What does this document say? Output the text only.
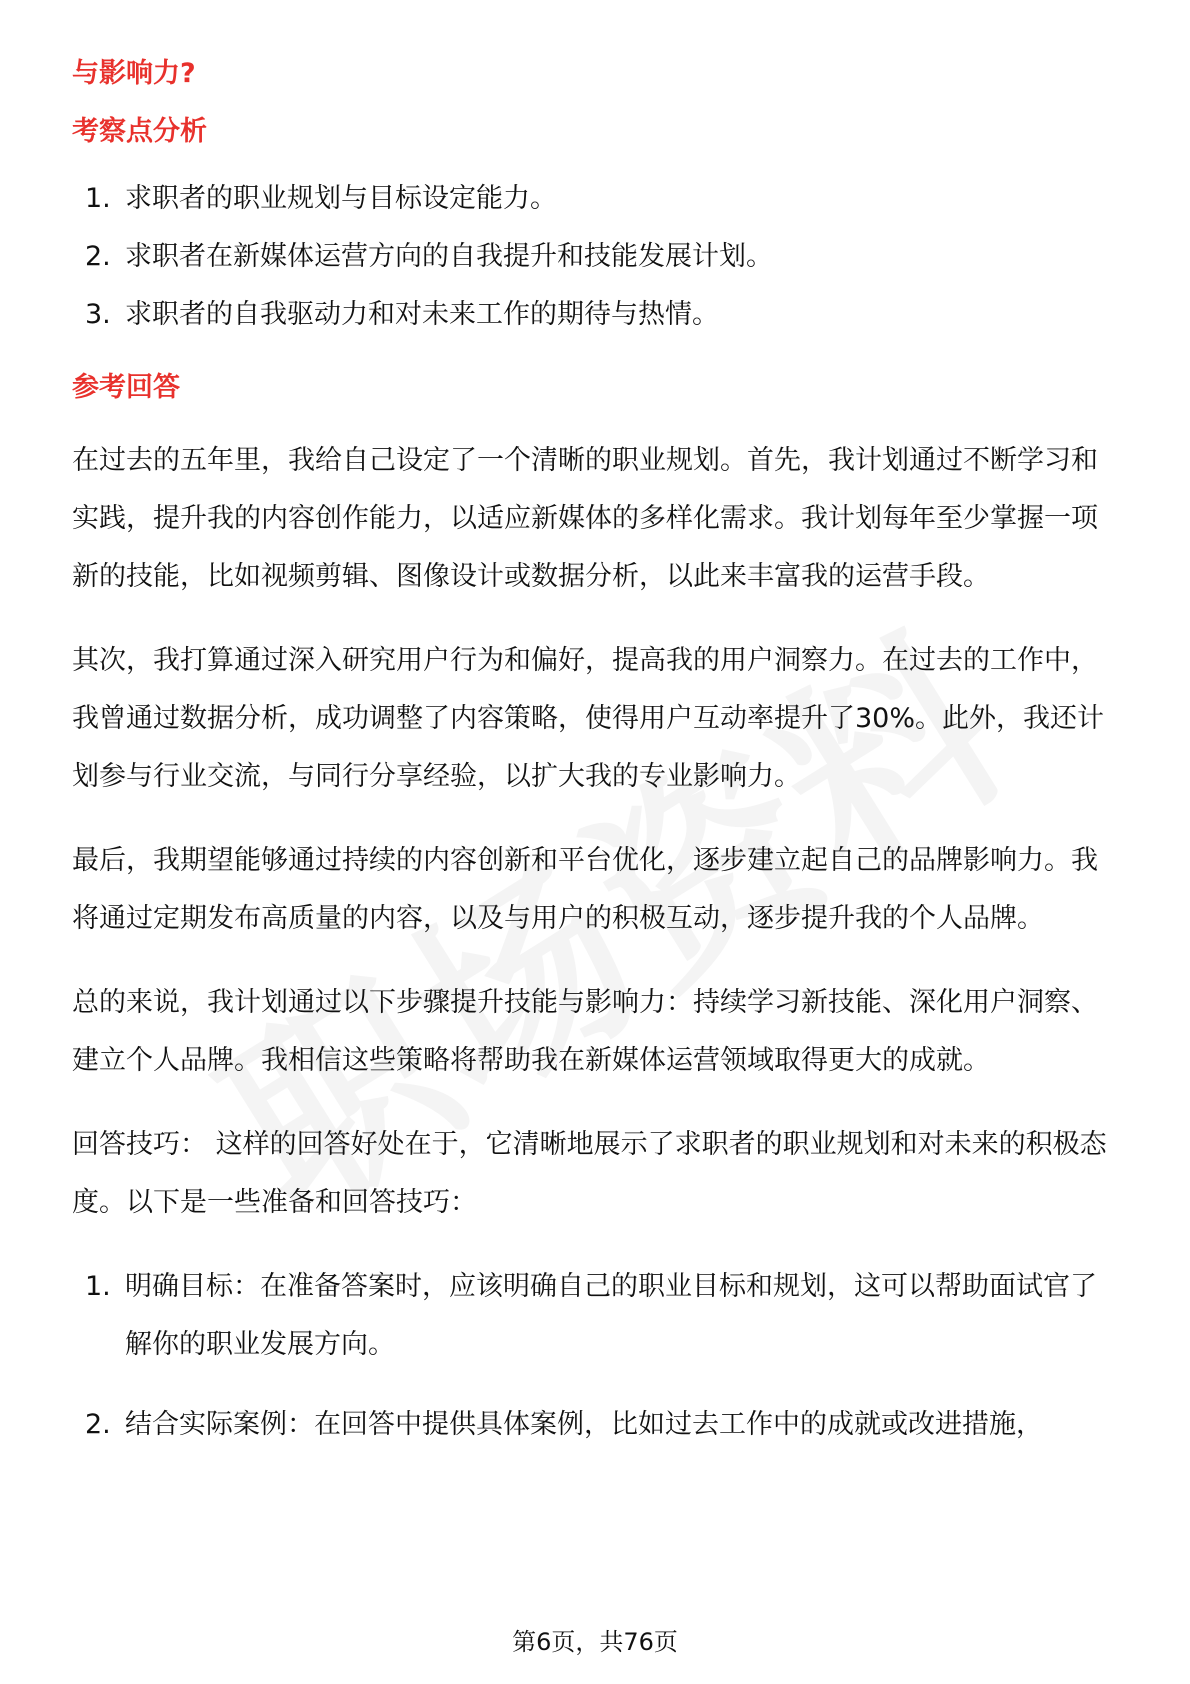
与影响力?
考察点分析
1. 求职者的职业规划与目标设定能力。
2. 求职者在新媒体运营方向的自我提升和技能发展计划。
3. 求职者的自我驱动力和对未来工作的期待与热情。
参考回答

在过去的五年里，我给自己设定了一个清晰的职业规划。首先，我计划通过不断学习和实践，提升我的内容创作能力，以适应新媒体的多样化需求。我计划每年至少掌握一项新的技能，比如视频剪辑、图像设计或数据分析，以此来丰富我的运营手段。

其次，我打算通过深入研究用户行为和偏好，提高我的用户洞察力。在过去的工作中，我曾通过数据分析，成功调整了内容策略，使得用户互动率提升了30%。此外，我还计划参与行业交流，与同行分享经验，以扩大我的专业影响力。

最后，我期望能够通过持续的内容创新和平台优化，逐步建立起自己的品牌影响力。我将通过定期发布高质量的内容，以及与用户的积极互动，逐步提升我的个人品牌。

总的来说，我计划通过以下步骤提升技能与影响力：持续学习新技能、深化用户洞察、建立个人品牌。我相信这些策略将帮助我在新媒体运营领域取得更大的成就。

回答技巧： 这样的回答好处在于，它清晰地展示了求职者的职业规划和对未来的积极态度。以下是一些准备和回答技巧：

1. 明确目标：在准备答案时，应该明确自己的职业目标和规划，这可以帮助面试官了解你的职业发展方向。
2. 结合实际案例：在回答中提供具体案例，比如过去工作中的成就或改进措施，
第6页，共76页
